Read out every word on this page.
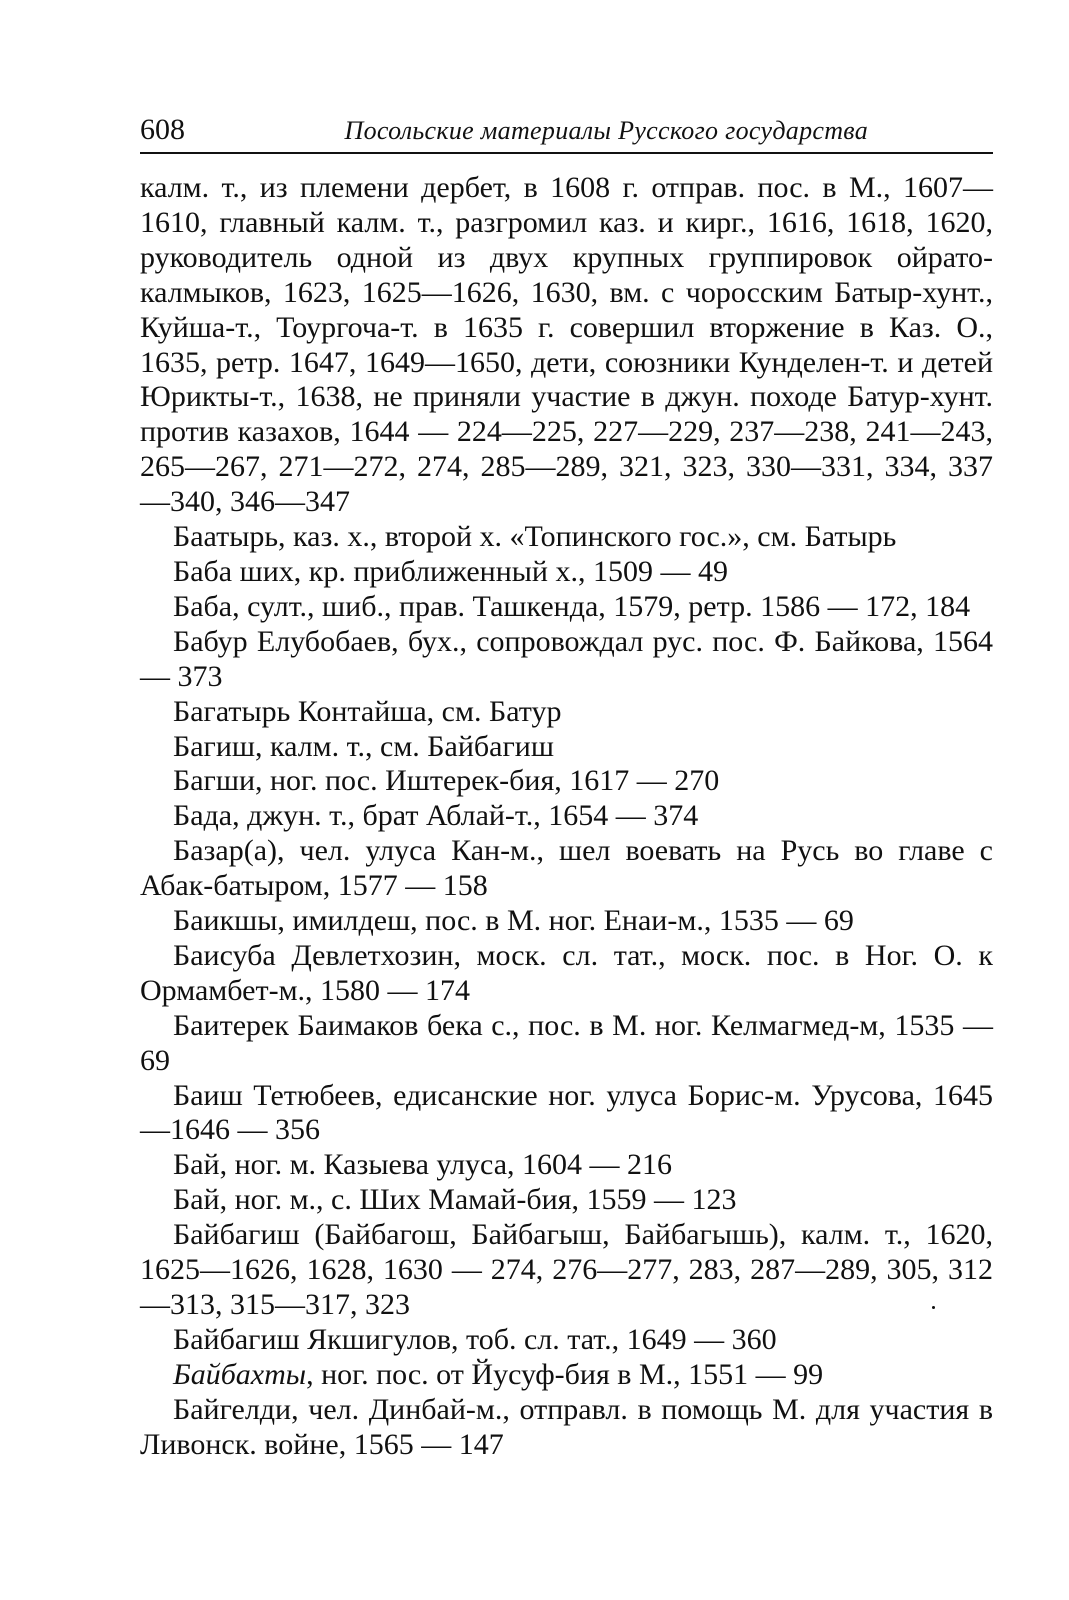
608	Посольские материалы Русского государства

калм. т., из племени дербет, в 1608 г. отправ. пос. в М., 1607—1610, главный калм. т., разгромил каз. и кирг., 1616, 1618, 1620, руководитель одной из двух крупных группировок ойрато-калмыков, 1623, 1625—1626, 1630, вм. с чоросским Батыр-хунт., Куйша-т., Тоургоча-т. в 1635 г. совершил вторжение в Каз. О., 1635, ретр. 1647, 1649—1650, дети, союзники Кунделен-т. и детей Юрикты-т., 1638, не приняли участие в джун. походе Батур-хунт. против казахов, 1644 — 224—225, 227—229, 237—238, 241—243, 265—267, 271—272, 274, 285—289, 321, 323, 330—331, 334, 337—340, 346—347

Баатырь, каз. х., второй х. «Топинского гос.», см. Батырь

Баба ших, кр. приближенный х., 1509 — 49

Баба, султ., шиб., прав. Ташкенда, 1579, ретр. 1586 — 172, 184

Бабур Елубобаев, бух., сопровождал рус. пос. Ф. Байкова, 1564 — 373

Багатырь Контайша, см. Батур

Багиш, калм. т., см. Байбагиш

Багши, ног. пос. Иштерек-бия, 1617 — 270

Бада, джун. т., брат Аблай-т., 1654 — 374

Базар(а), чел. улуса Кан-м., шел воевать на Русь во главе с Абак-батыром, 1577 — 158

Баикшы, имилдеш, пос. в М. ног. Енаи-м., 1535 — 69

Баисуба Девлетхозин, моск. сл. тат., моск. пос. в Ног. О. к Ормамбет-м., 1580 — 174

Баитерек Баимаков бека с., пос. в М. ног. Келмагмед-м, 1535 — 69

Баиш Тетюбеев, едисанские ног. улуса Борис-м. Урусова, 1645—1646 — 356

Бай, ног. м. Казыева улуса, 1604 — 216

Бай, ног. м., с. Ших Мамай-бия, 1559 — 123

Байбагиш (Байбагош, Байбагыш, Байбагышь), калм. т., 1620, 1625—1626, 1628, 1630 — 274, 276—277, 283, 287—289, 305, 312—313, 315—317, 323

Байбагиш Якшигулов, тоб. сл. тат., 1649 — 360

Байбахты, ног. пос. от Йусуф-бия в М., 1551 — 99

Байгелди, чел. Динбай-м., отправл. в помощь М. для участия в Ливонск. войне, 1565 — 147
